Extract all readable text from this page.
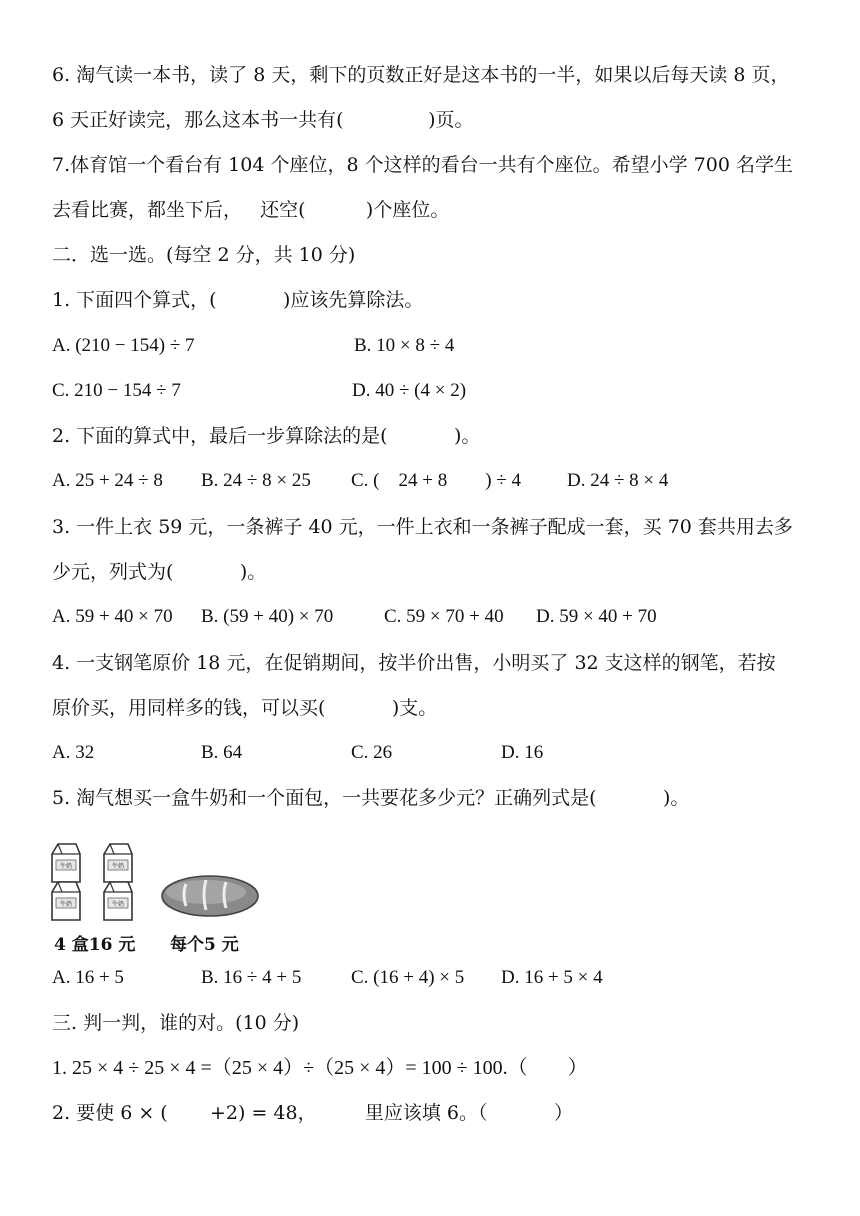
6. 淘气读一本书，读了 8 天，剩下的页数正好是这本书的一半，如果以后每天读 8 页，
6 天正好读完，那么这本书一共有(              )页。
7.体育馆一个看台有 104 个座位，8 个这样的看台一共有个座位。希望小学 700 名学生
去看比赛，都坐下后，   还空(          )个座位。
二．选一选。(每空 2 分，共 10 分)
1. 下面四个算式，(           )应该先算除法。
A. (210 − 154) ÷ 7	B. 10 × 8 ÷ 4
C. 210 − 154 ÷ 7	D. 40 ÷ (4 × 2)
2. 下面的算式中，最后一步算除法的是(           )。
A. 25 + 24 ÷ 8 B. 24 ÷ 8 × 25 C. (    24 + 8        ) ÷ 4 D. 24 ÷ 8 × 4
3. 一件上衣 59 元，一条裤子 40 元，一件上衣和一条裤子配成一套，买 70 套共用去多
少元，列式为(           )。
A. 59 + 40 × 70 B. (59 + 40) × 70	C. 59 × 70 + 40 D. 59 × 40 + 70
4. 一支钢笔原价 18 元，在促销期间，按半价出售，小明买了 32 支这样的钢笔，若按
原价买，用同样多的钱，可以买(           )支。
A. 32	B. 64	C. 26	D. 16
5. 淘气想买一盒牛奶和一个面包，一共要花多少元？正确列式是(           )。
牛奶	牛奶
牛奶	牛奶
4 盒16 元 每个5 元
A. 16 + 5	B. 16 ÷ 4 + 5	C. (16 + 4) × 5 D. 16 + 5 × 4
三. 判一判，谁的对。(10 分)
1. 25 × 4 ÷ 25 × 4 =（25 × 4）÷（25 × 4）= 100 ÷ 100.（        ）
2. 要使 6 × (       +2) = 48，        里应该填 6。（           ）
